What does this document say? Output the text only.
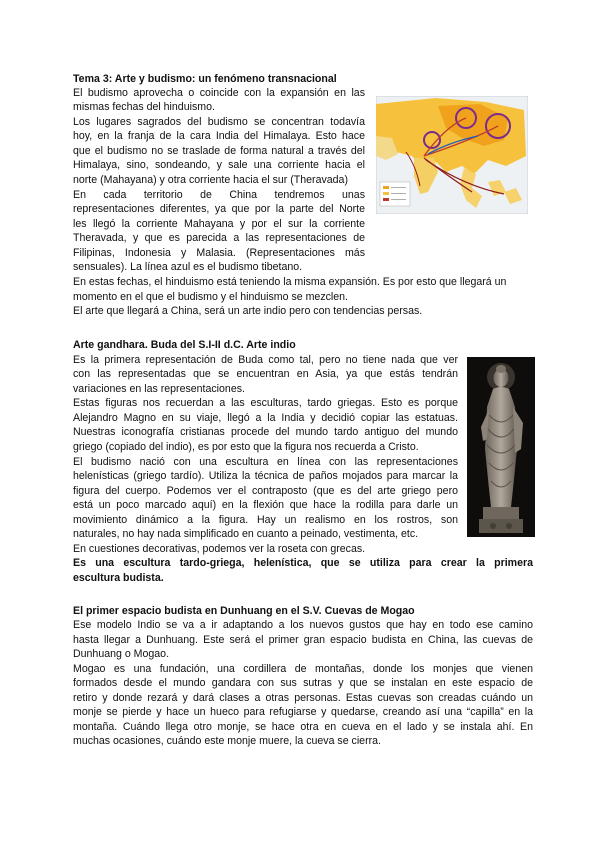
Tema 3: Arte y budismo: un fenómeno transnacional

El budismo aprovecha o coincide con la expansión en las

mismas fechas del hinduismo.

Los lugares sagrados del budismo se concentran todavía

hoy, en la franja de la cara India del Himalaya. Esto hace

que el budismo no se traslade de forma natural a través del

Himalaya, sino, sondeando, y sale una corriente hacia el

norte (Mahayana) y otra corriente hacia el sur (Theravada)

En cada territorio de China tendremos unas

representaciones diferentes, ya que por la parte del Norte

les llegó la corriente Mahayana y por el sur la corriente

Theravada, y que es parecida a las representaciones de

Filipinas, Indonesia y Malasia. (Representaciones más

sensuales). La línea azul es el budismo tibetano.

En estas fechas, el hinduismo está teniendo la misma expansión. Es por esto que llegará un

momento en el que el budismo y el hinduismo se mezclen.

El arte que llegará a China, será un arte indio pero con tendencias persas.

Arte gandhara. Buda del S.I-II d.C. Arte indio

Es la primera representación de Buda como tal, pero no tiene nada que ver

con las representadas que se encuentran en Asia, ya que estás tendrán

variaciones en las representaciones.

Estas figuras nos recuerdan a las esculturas, tardo griegas. Esto es porque

Alejandro Magno en su viaje, llegó a la India y decidió copiar las estatuas.

Nuestras iconografía cristianas procede del mundo tardo antiguo del mundo

griego (copiado del indio), es por esto que la figura nos recuerda a Cristo.

El budismo nació con una escultura en línea con las representaciones

helenísticas (griego tardío). Utiliza la técnica de paños mojados para marcar la

figura del cuerpo. Podemos ver el contraposto (que es del arte griego pero

está un poco marcado aquí) en la flexión que hace la rodilla para darle un

movimiento dinámico a la figura. Hay un realismo en los rostros, son

naturales, no hay nada simplificado en cuanto a peinado, vestimenta, etc.

En cuestiones decorativas, podemos ver la roseta con grecas.

Es una escultura tardo-griega, helenística, que se utiliza para crear la primera

escultura budista.

El primer espacio budista en Dunhuang en el S.V. Cuevas de Mogao

Ese modelo Indio se va a ir adaptando a los nuevos gustos que hay en todo ese camino

hasta llegar a Dunhuang. Este será el primer gran espacio budista en China, las cuevas de

Dunhuang o Mogao.

Mogao es una fundación, una cordillera de montañas, donde los monjes que vienen

formados desde el mundo gandara con sus sutras y que se instalan en este espacio de

retiro y donde rezará y dará clases a otras personas. Estas cuevas son creadas cuándo un

monje se pierde y hace un hueco para refugiarse y quedarse, creando así una “capilla” en la

montaña. Cuándo llega otro monje, se hace otra en cueva en el lado y se instala ahí. En

muchas ocasiones, cuándo este monje muere, la cueva se cierra.
